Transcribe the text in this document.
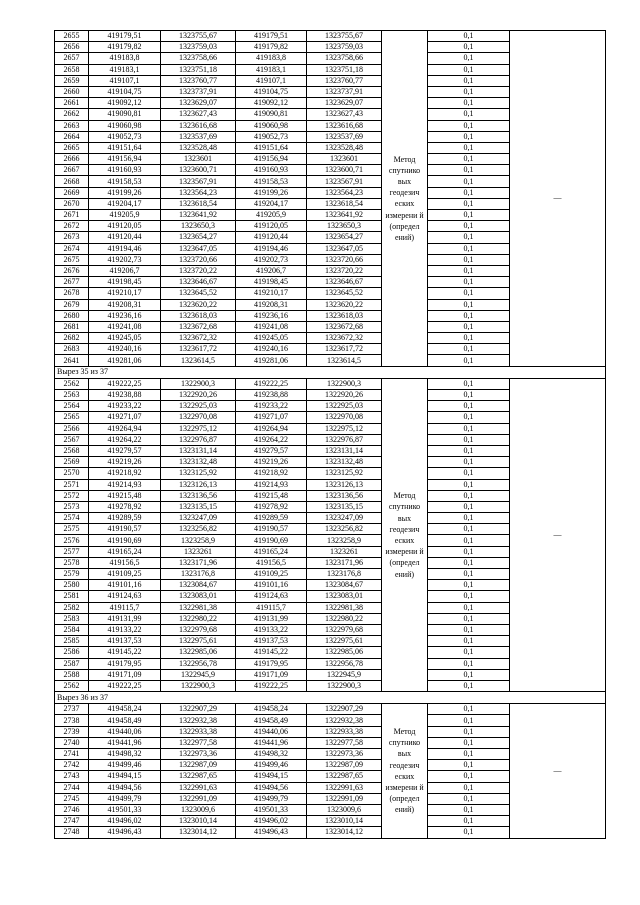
2655	419179,51	1323755,67	419179,51	1323755,67	Метод спутнико вых геодезич еских измерени й (определ ений)	0,1	—
2656	419179,82	1323759,03	419179,82	1323759,03		0,1	
2657	419183,8	1323758,66	419183,8	1323758,66		0,1	
2658	419183,1	1323751,18	419183,1	1323751,18		0,1	
2659	419107,1	1323760,77	419107,1	1323760,77		0,1	
2660	419104,75	1323737,91	419104,75	1323737,91		0,1	
2661	419092,12	1323629,07	419092,12	1323629,07		0,1	
2662	419090,81	1323627,43	419090,81	1323627,43		0,1	
2663	419060,98	1323616,68	419060,98	1323616,68		0,1	
2664	419052,73	1323537,69	419052,73	1323537,69		0,1	
2665	419151,64	1323528,48	419151,64	1323528,48		0,1	
2666	419156,94	1323601	419156,94	1323601		0,1	
2667	419160,93	1323600,71	419160,93	1323600,71		0,1	
2668	419158,53	1323567,91	419158,53	1323567,91		0,1	
2669	419199,26	1323564,23	419199,26	1323564,23		0,1	
2670	419204,17	1323618,54	419204,17	1323618,54		0,1	
2671	419205,9	1323641,92	419205,9	1323641,92		0,1	
2672	419120,05	1323650,3	419120,05	1323650,3		0,1	
2673	419120,44	1323654,27	419120,44	1323654,27		0,1	
2674	419194,46	1323647,05	419194,46	1323647,05		0,1	
2675	419202,73	1323720,66	419202,73	1323720,66		0,1	
2676	419206,7	1323720,22	419206,7	1323720,22		0,1	
2677	419198,45	1323646,67	419198,45	1323646,67		0,1	
2678	419210,17	1323645,52	419210,17	1323645,52		0,1	
2679	419208,31	1323620,22	419208,31	1323620,22		0,1	
2680	419236,16	1323618,03	419236,16	1323618,03		0,1	
2681	419241,08	1323672,68	419241,08	1323672,68		0,1	
2682	419245,05	1323672,32	419245,05	1323672,32		0,1	
2683	419240,16	1323617,72	419240,16	1323617,72		0,1	
2641	419281,06	1323614,5	419281,06	1323614,5		0,1	
Вырез 35 из 37							
2562	419222,25	1322900,3	419222,25	1322900,3	Метод спутнико вых геодезич еских измерени й (определ ений)	0,1	—
2563	419238,88	1322920,26	419238,88	1322920,26		0,1	
2564	419233,22	1322925,03	419233,22	1322925,03		0,1	
2565	419271,07	1322970,08	419271,07	1322970,08		0,1	
2566	419264,94	1322975,12	419264,94	1322975,12		0,1	
2567	419264,22	1322976,87	419264,22	1322976,87		0,1	
2568	419279,57	1323131,14	419279,57	1323131,14		0,1	
2569	419219,26	1323132,48	419219,26	1323132,48		0,1	
2570	419218,92	1323125,92	419218,92	1323125,92		0,1	
2571	419214,93	1323126,13	419214,93	1323126,13		0,1	
2572	419215,48	1323136,56	419215,48	1323136,56		0,1	
2573	419278,92	1323135,15	419278,92	1323135,15		0,1	
2574	419289,59	1323247,09	419289,59	1323247,09		0,1	
2575	419190,57	1323256,82	419190,57	1323256,82		0,1	
2576	419190,69	1323258,9	419190,69	1323258,9		0,1	
2577	419165,24	1323261	419165,24	1323261		0,1	
2578	419156,5	1323171,96	419156,5	1323171,96		0,1	
2579	419109,25	1323176,8	419109,25	1323176,8		0,1	
2580	419101,16	1323084,67	419101,16	1323084,67		0,1	
2581	419124,63	1323083,01	419124,63	1323083,01		0,1	
2582	419115,7	1322981,38	419115,7	1322981,38		0,1	
2583	419131,99	1322980,22	419131,99	1322980,22		0,1	
2584	419133,22	1322979,68	419133,22	1322979,68		0,1	
2585	419137,53	1322975,61	419137,53	1322975,61		0,1	
2586	419145,22	1322985,06	419145,22	1322985,06		0,1	
2587	419179,95	1322956,78	419179,95	1322956,78		0,1	
2588	419171,09	1322945,9	419171,09	1322945,9		0,1	
2562	419222,25	1322900,3	419222,25	1322900,3		0,1	
Вырез 36 из 37							
2737	419458,24	1322907,29	419458,24	1322907,29	Метод спутнико вых геодезич еских измерени й (определ ений)	0,1	—
2738	419458,49	1322932,38	419458,49	1322932,38		0,1	
2739	419440,06	1322933,38	419440,06	1322933,38		0,1	
2740	419441,96	1322977,58	419441,96	1322977,58		0,1	
2741	419498,32	1322973,36	419498,32	1322973,36		0,1	
2742	419499,46	1322987,09	419499,46	1322987,09		0,1	
2743	419494,15	1322987,65	419494,15	1322987,65		0,1	
2744	419494,56	1322991,63	419494,56	1322991,63		0,1	
2745	419499,79	1322991,09	419499,79	1322991,09		0,1	
2746	419501,33	1323009,6	419501,33	1323009,6		0,1	
2747	419496,02	1323010,14	419496,02	1323010,14		0,1	
2748	419496,43	1323014,12	419496,43	1323014,12		0,1	
